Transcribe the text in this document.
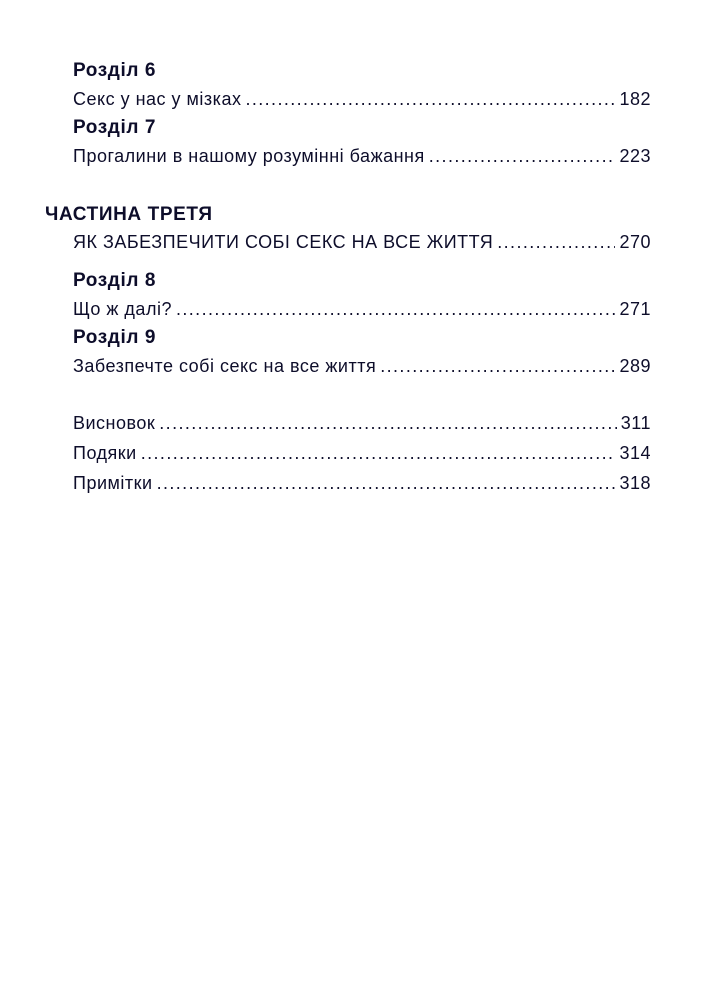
Розділ 6
Секс у нас у мізках .....	182
Розділ 7
Прогалини в нашому розумінні бажання .....	223
ЧАСТИНА ТРЕТЯ
ЯК ЗАБЕЗПЕЧИТИ СОБІ СЕКС НА ВСЕ ЖИТТЯ .....	270
Розділ 8
Що ж далі? .....	271
Розділ 9
Забезпечте собі секс на все життя .....	289
Висновок .....	311
Подяки .....	314
Примітки .....	318
